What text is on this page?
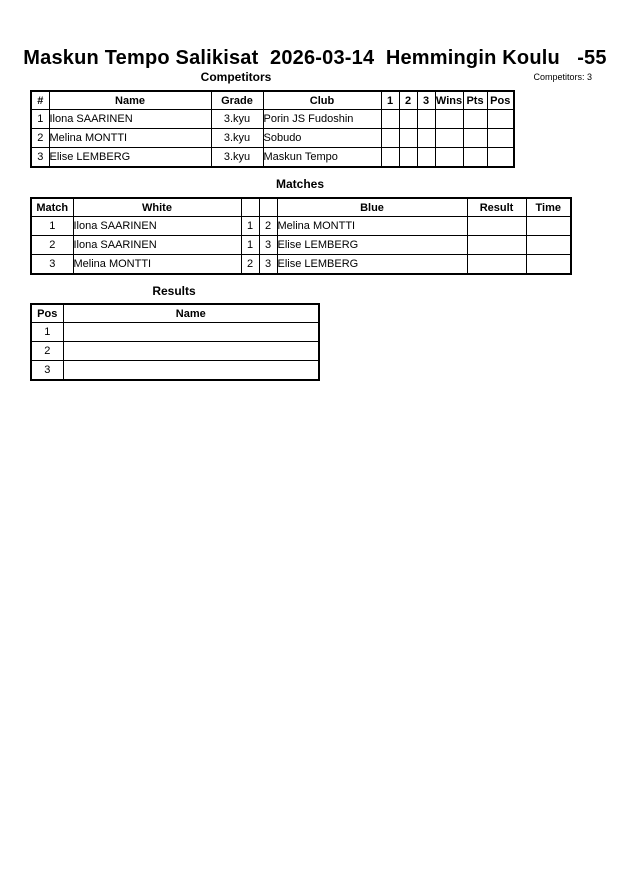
Maskun Tempo Salikisat  2026-03-14  Hemmingin Koulu   -55
Competitors	Competitors: 3
#	Name	Grade	Club	1	2	3	Wins	Pts	Pos
1	Ilona SAARINEN	3.kyu	Porin JS Fudoshin						
2	Melina MONTTI	3.kyu	Sobudo						
3	Elise LEMBERG	3.kyu	Maskun Tempo						
Matches
Match	White			Blue	Result	Time
1	Ilona SAARINEN	1	2	Melina MONTTI		
2	Ilona SAARINEN	1	3	Elise LEMBERG		
3	Melina MONTTI	2	3	Elise LEMBERG		
Results
Pos	Name
1	
2	
3	
